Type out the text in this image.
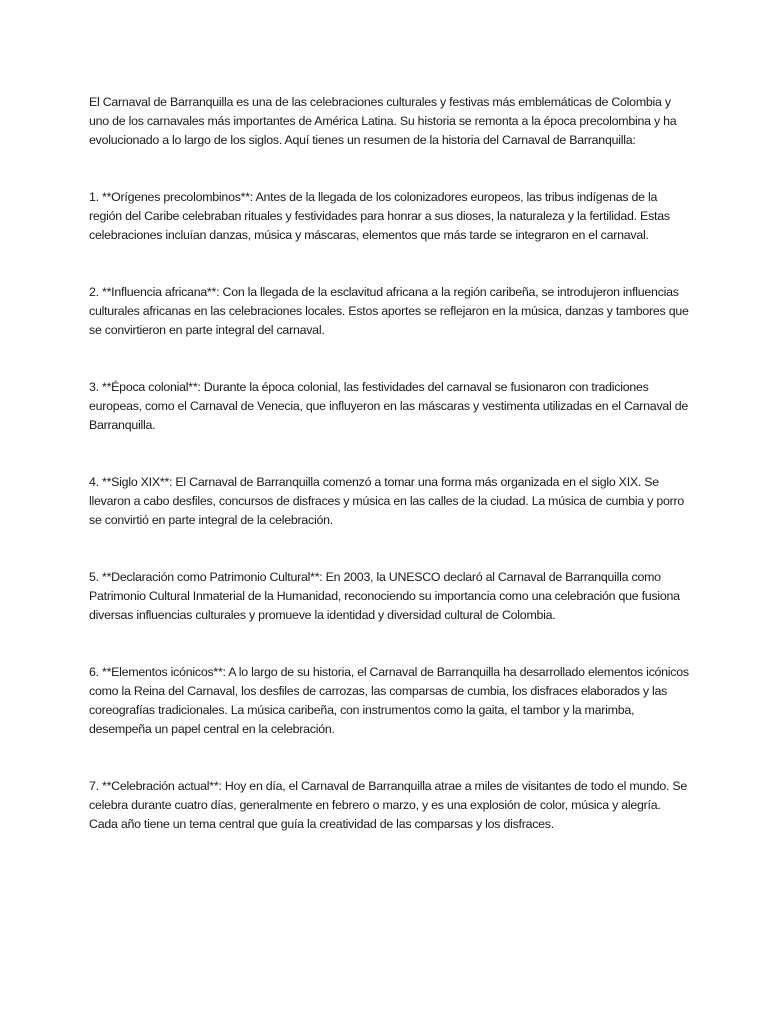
El Carnaval de Barranquilla es una de las celebraciones culturales y festivas más emblemáticas de Colombia y uno de los carnavales más importantes de América Latina. Su historia se remonta a la época precolombina y ha evolucionado a lo largo de los siglos. Aquí tienes un resumen de la historia del Carnaval de Barranquilla:

1. **Orígenes precolombinos**: Antes de la llegada de los colonizadores europeos, las tribus indígenas de la región del Caribe celebraban rituales y festividades para honrar a sus dioses, la naturaleza y la fertilidad. Estas celebraciones incluían danzas, música y máscaras, elementos que más tarde se integraron en el carnaval.

2. **Influencia africana**: Con la llegada de la esclavitud africana a la región caribeña, se introdujeron influencias culturales africanas en las celebraciones locales. Estos aportes se reflejaron en la música, danzas y tambores que se convirtieron en parte integral del carnaval.

3. **Época colonial**: Durante la época colonial, las festividades del carnaval se fusionaron con tradiciones europeas, como el Carnaval de Venecia, que influyeron en las máscaras y vestimenta utilizadas en el Carnaval de Barranquilla.

4. **Siglo XIX**: El Carnaval de Barranquilla comenzó a tomar una forma más organizada en el siglo XIX. Se llevaron a cabo desfiles, concursos de disfraces y música en las calles de la ciudad. La música de cumbia y porro se convirtió en parte integral de la celebración.

5. **Declaración como Patrimonio Cultural**: En 2003, la UNESCO declaró al Carnaval de Barranquilla como Patrimonio Cultural Inmaterial de la Humanidad, reconociendo su importancia como una celebración que fusiona diversas influencias culturales y promueve la identidad y diversidad cultural de Colombia.

6. **Elementos icónicos**: A lo largo de su historia, el Carnaval de Barranquilla ha desarrollado elementos icónicos como la Reina del Carnaval, los desfiles de carrozas, las comparsas de cumbia, los disfraces elaborados y las coreografías tradicionales. La música caribeña, con instrumentos como la gaita, el tambor y la marimba, desempeña un papel central en la celebración.

7. **Celebración actual**: Hoy en día, el Carnaval de Barranquilla atrae a miles de visitantes de todo el mundo. Se celebra durante cuatro días, generalmente en febrero o marzo, y es una explosión de color, música y alegría. Cada año tiene un tema central que guía la creatividad de las comparsas y los disfraces.
